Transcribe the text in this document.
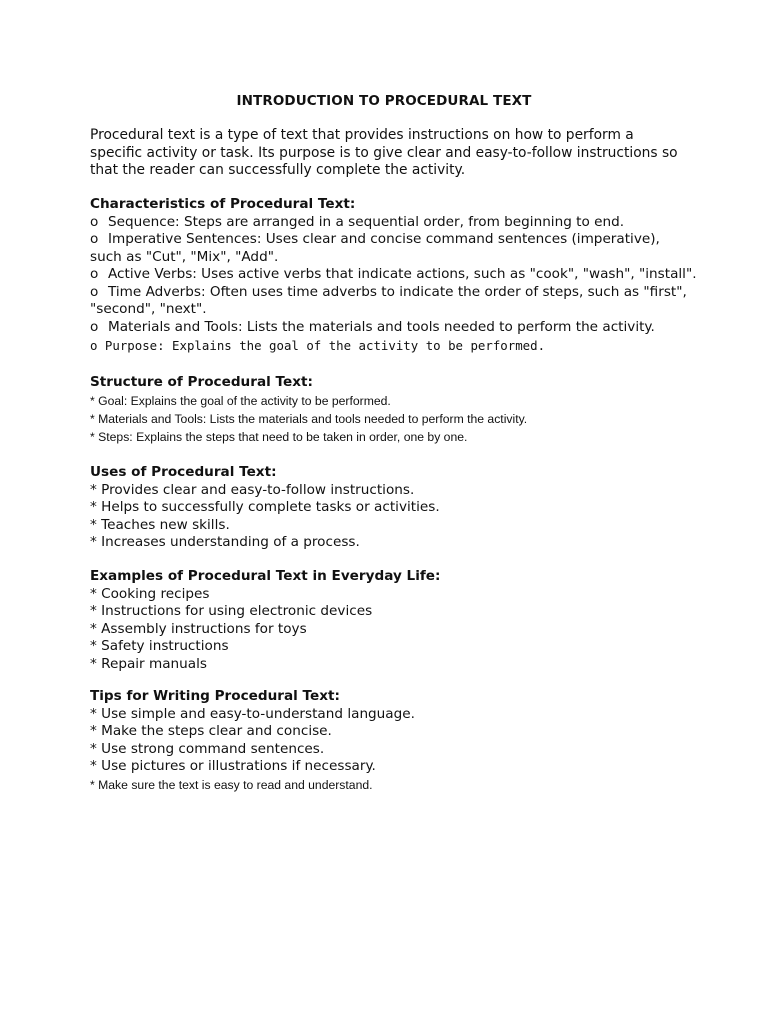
INTRODUCTION TO PROCEDURAL TEXT
Procedural text is a type of text that provides instructions on how to perform a specific activity or task. Its purpose is to give clear and easy-to-follow instructions so that the reader can successfully complete the activity.
Characteristics of Procedural Text:
o Sequence: Steps are arranged in a sequential order, from beginning to end.
o Imperative Sentences: Uses clear and concise command sentences (imperative), such as "Cut", "Mix", "Add".
o Active Verbs: Uses active verbs that indicate actions, such as "cook", "wash", "install".
o Time Adverbs: Often uses time adverbs to indicate the order of steps, such as "first", "second", "next".
o Materials and Tools: Lists the materials and tools needed to perform the activity.
o Purpose: Explains the goal of the activity to be performed.
Structure of Procedural Text:
* Goal: Explains the goal of the activity to be performed.
* Materials and Tools: Lists the materials and tools needed to perform the activity.
* Steps: Explains the steps that need to be taken in order, one by one.
Uses of Procedural Text:
* Provides clear and easy-to-follow instructions.
* Helps to successfully complete tasks or activities.
* Teaches new skills.
* Increases understanding of a process.
Examples of Procedural Text in Everyday Life:
* Cooking recipes
* Instructions for using electronic devices
* Assembly instructions for toys
* Safety instructions
* Repair manuals
Tips for Writing Procedural Text:
* Use simple and easy-to-understand language.
* Make the steps clear and concise.
* Use strong command sentences.
* Use pictures or illustrations if necessary.
* Make sure the text is easy to read and understand.
